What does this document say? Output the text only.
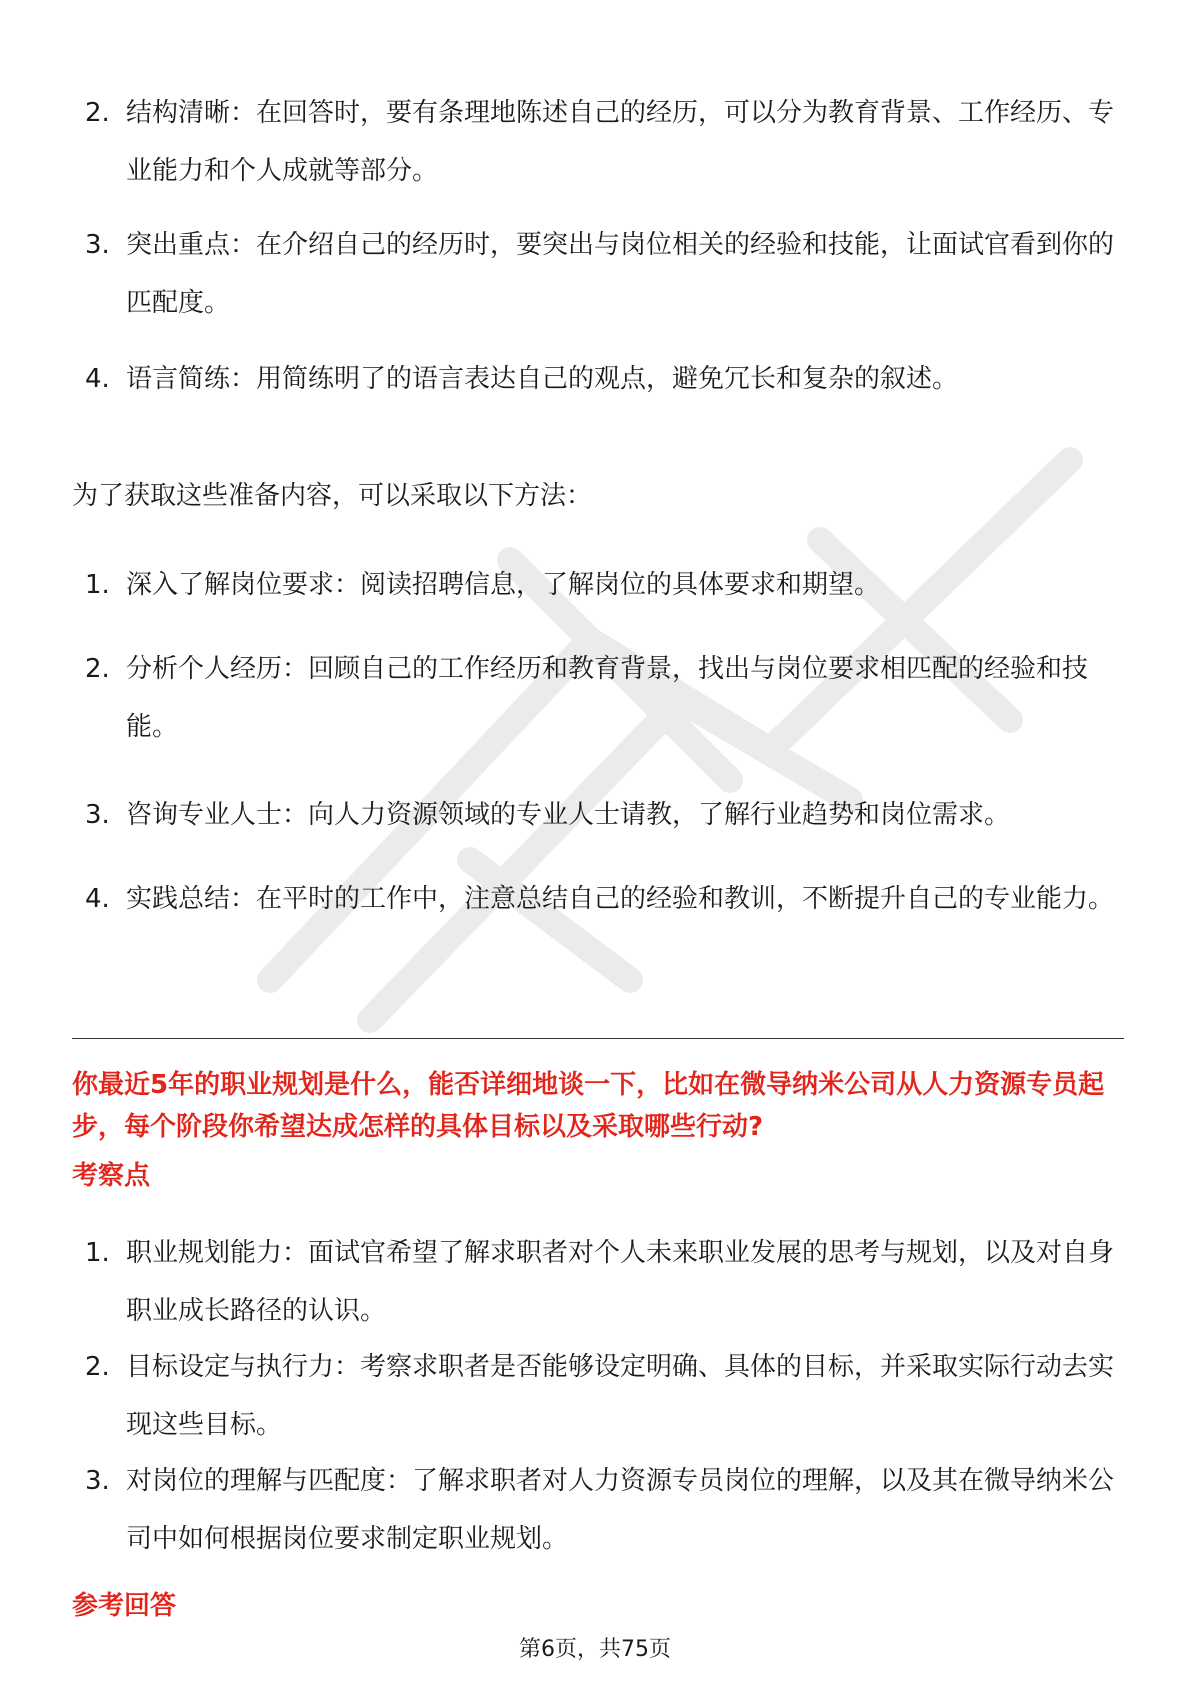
2. 结构清晰：在回答时，要有条理地陈述自己的经历，可以分为教育背景、工作经历、专业能力和个人成就等部分。
3. 突出重点：在介绍自己的经历时，要突出与岗位相关的经验和技能，让面试官看到你的匹配度。
4. 语言简练：用简练明了的语言表达自己的观点，避免冗长和复杂的叙述。
为了获取这些准备内容，可以采取以下方法：
1. 深入了解岗位要求：阅读招聘信息，了解岗位的具体要求和期望。
2. 分析个人经历：回顾自己的工作经历和教育背景，找出与岗位要求相匹配的经验和技能。
3. 咨询专业人士：向人力资源领域的专业人士请教，了解行业趋势和岗位需求。
4. 实践总结：在平时的工作中，注意总结自己的经验和教训，不断提升自己的专业能力。
你最近5年的职业规划是什么，能否详细地谈一下，比如在微导纳米公司从人力资源专员起步，每个阶段你希望达成怎样的具体目标以及采取哪些行动?
考察点
1. 职业规划能力：面试官希望了解求职者对个人未来职业发展的思考与规划，以及对自身职业成长路径的认识。
2. 目标设定与执行力：考察求职者是否能够设定明确、具体的目标，并采取实际行动去实现这些目标。
3. 对岗位的理解与匹配度：了解求职者对人力资源专员岗位的理解，以及其在微导纳米公司中如何根据岗位要求制定职业规划。
参考回答
第6页，共75页
